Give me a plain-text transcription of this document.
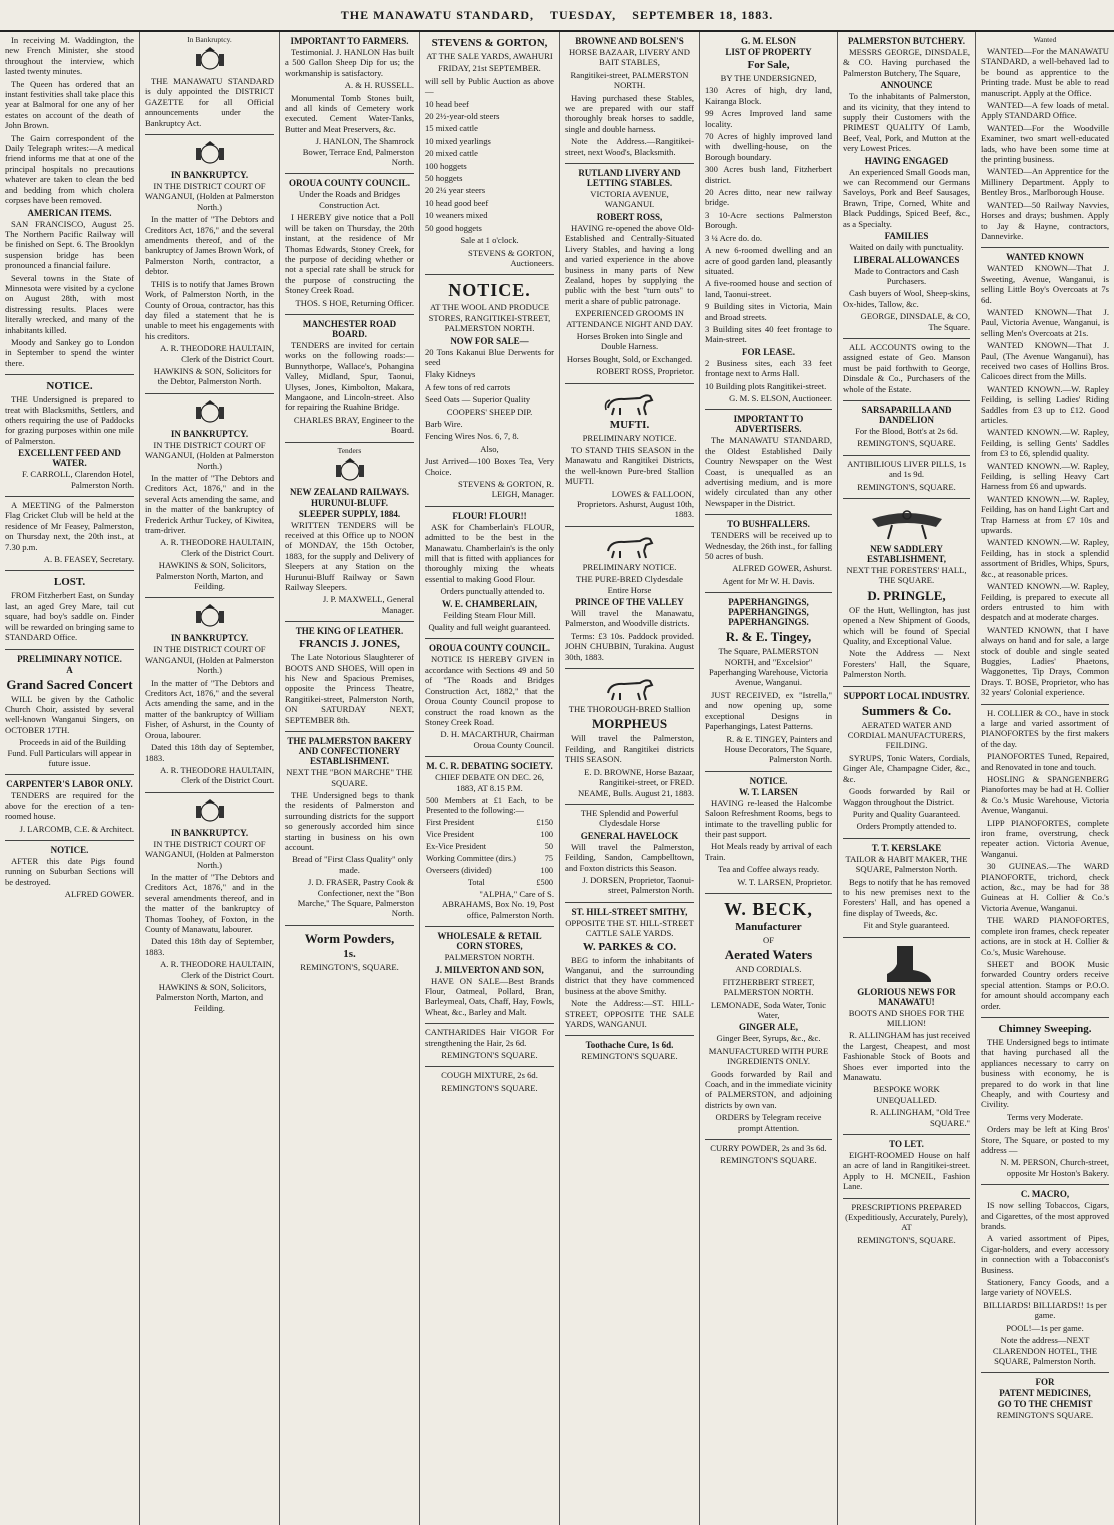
THE MANAWATU STANDARD, TUESDAY, SEPTEMBER 18, 1883.

In receiving M. Waddington, the new French Minister, she stood throughout the interview, which lasted twenty minutes.

The Queen has ordered that an instant festivities shall take place this year at Balmoral for one any of her estates on account of the death of John Brown.

The Gairn correspondent of the Daily Telegraph writes:—A medical friend informs me that at one of the principal hospitals no precautions whatever are taken to clean the bed and bedding from which cholera corpses have been removed.

AMERICAN ITEMS.

SAN FRANCISCO, August 25. The Northern Pacific Railway will be finished on Sept. 6. The Brooklyn suspension bridge has been pronounced a financial failure.

Several towns in the State of Minnesota were visited by a cyclone on August 28th, with most distressing results. Places were literally wrecked, and many of the inhabitants killed.

Moody and Sankey go to London in September to spend the winter there.

NOTICE.

THE Undersigned is prepared to treat with Blacksmiths, Settlers, and others requiring the use of Paddocks for grazing purposes within one mile of Palmerston.

EXCELLENT FEED AND WATER.

F. CARROLL, Clarendon Hotel, Palmerston North.

A MEETING of the Palmerston Flag Cricket Club will be held at the residence of Mr Feasey, Palmerston, on Thursday next, the 20th inst., at 7.30 p.m.

A. B. FEASEY, Secretary.

LOST.

FROM Fitzherbert East, on Sunday last, an aged Grey Mare, tail cut square, had boy's saddle on. Finder will be rewarded on bringing same to STANDARD Office.

PRELIMINARY NOTICE.
A
Grand Sacred Concert

WILL be given by the Catholic Church Choir, assisted by several well-known Wanganui Singers, on OCTOBER 17TH.

Proceeds in aid of the Building Fund. Full Particulars will appear in future issue.

CARPENTER'S LABOR ONLY.

TENDERS are required for the above for the erection of a ten-roomed house.

J. LARCOMB, C.E. & Architect.

NOTICE.

AFTER this date Pigs found running on Suburban Sections will be destroyed.

ALFRED GOWER.

In Bankruptcy.

THE MANAWATU STANDARD is duly appointed the DISTRICT GAZETTE for all Official announcements under the Bankruptcy Act.

IN BANKRUPTCY.

IN THE DISTRICT COURT OF WANGANUI, (Holden at Palmerston North.)

In the matter of "The Debtors and Creditors Act, 1876," and the several amendments thereof, and of the bankruptcy of James Brown Work, of Palmerston North, contractor, a debtor.

THIS is to notify that James Brown Work, of Palmerston North, in the County of Oroua, contractor, has this day filed a statement that he is unable to meet his engagements with his creditors.

A. R. THEODORE HAULTAIN, Clerk of the District Court.

HAWKINS & SON, Solicitors for the Debtor, Palmerston North.

IN BANKRUPTCY.

IN THE DISTRICT COURT OF WANGANUI, (Holden at Palmerston North.)

In the matter of "The Debtors and Creditors Act, 1876," and in the several Acts amending the same, and in the matter of the bankruptcy of Frederick Arthur Tuckey, of Kiwitea, tram-driver.

A. R. THEODORE HAULTAIN, Clerk of the District Court.

HAWKINS & SON, Solicitors, Palmerston North, Marton, and Feilding.

IN BANKRUPTCY.

IN THE DISTRICT COURT OF WANGANUI, (Holden at Palmerston North.)

In the matter of "The Debtors and Creditors Act, 1876," and the several Acts amending the same, and in the matter of the bankruptcy of William Fisher, of Ashurst, in the County of Oroua, labourer.

Dated this 18th day of September, 1883.

A. R. THEODORE HAULTAIN, Clerk of the District Court.

IN BANKRUPTCY.

IN THE DISTRICT COURT OF WANGANUI, (Holden at Palmerston North.)

In the matter of "The Debtors and Creditors Act, 1876," and in the several amendments thereof, and in the matter of the bankruptcy of Thomas Toohey, of Foxton, in the County of Manawatu, labourer.

Dated this 18th day of September, 1883.

A. R. THEODORE HAULTAIN, Clerk of the District Court.

HAWKINS & SON, Solicitors, Palmerston North, Marton, and Feilding.

IMPORTANT TO FARMERS.

Testimonial. J. HANLON Has built a 500 Gallon Sheep Dip for us; the workmanship is satisfactory.

A. & H. RUSSELL.

Monumental Tomb Stones built, and all kinds of Cemetery work executed. Cement Water-Tanks, Butter and Meat Preservers, &c.

J. HANLON, The Shamrock Bower, Terrace End, Palmerston North.

OROUA COUNTY COUNCIL.

Under the Roads and Bridges Construction Act.

I HEREBY give notice that a Poll will be taken on Thursday, the 20th instant, at the residence of Mr Thomas Edwards, Stoney Creek, for the purpose of deciding whether or not a special rate shall be struck for the purpose of constructing the Stoney Creek Road.

THOS. S HOE, Returning Officer.

MANCHESTER ROAD BOARD.

TENDERS are invited for certain works on the following roads:—Bunnythorpe, Wallace's, Pohangina Valley, Midland, Spur, Taonui, Ulyses, Jones, Kimbolton, Makara, Mangaone, and Lincoln-street. Also for repairing the Ruahine Bridge.

CHARLES BRAY, Engineer to the Board.

Tenders

NEW ZEALAND RAILWAYS.
HURUNUI-BLUFF.
SLEEPER SUPPLY, 1884.

WRITTEN TENDERS will be received at this Office up to NOON of MONDAY, the 15th October, 1883, for the supply and Delivery of Sleepers at any Station on the Hurunui-Bluff Railway or Sawn Railway Sleepers.

J. P. MAXWELL, General Manager.

THE KING OF LEATHER.
FRANCIS J. JONES,

The Late Notorious Slaughterer of BOOTS AND SHOES, Will open in his New and Spacious Premises, opposite the Princess Theatre, Rangitikei-street, Palmerston North, ON SATURDAY NEXT, SEPTEMBER 8th.

THE PALMERSTON BAKERY AND CONFECTIONERY ESTABLISHMENT.

NEXT THE "BON MARCHE" THE SQUARE.

THE Undersigned begs to thank the residents of Palmerston and surrounding districts for the support so generously accorded him since starting in business on his own account.

Bread of "First Class Quality" only made.

J. D. FRASER, Pastry Cook & Confectioner, next the "Bon Marche," The Square, Palmerston North.

Worm Powders,
1s.

REMINGTON'S, SQUARE.

STEVENS & GORTON,

AT THE SALE YARDS, AWAHURI

FRIDAY, 21st SEPTEMBER.

will sell by Public Auction as above—

10 head beef

20 2½-year-old steers

15 mixed cattle

10 mixed yearlings

20 mixed cattle

100 hoggets

50 hoggets

20 2¼ year steers

10 head good beef

10 weaners mixed

50 good hoggets

Sale at 1 o'clock.

STEVENS & GORTON, Auctioneers.

NOTICE.

AT THE WOOL AND PRODUCE STORES, RANGITIKEI-STREET, PALMERSTON NORTH.

NOW FOR SALE—

20 Tons Kakanui Blue Derwents for seed

Flaky Kidneys

A few tons of red carrots

Seed Oats — Superior Quality

COOPERS' SHEEP DIP.

Barb Wire.

Fencing Wires Nos. 6, 7, 8.

Also,

Just Arrived—100 Boxes Tea, Very Choice.

STEVENS & GORTON, R. LEIGH, Manager.

FLOUR! FLOUR!!

ASK for Chamberlain's FLOUR, admitted to be the best in the Manawatu. Chamberlain's is the only mill that is fitted with appliances for thoroughly mixing the wheats essential to making Good Flour.

Orders punctually attended to.

W. E. CHAMBERLAIN,

Feilding Steam Flour Mill.

Quality and full weight guaranteed.

OROUA COUNTY COUNCIL.

NOTICE IS HEREBY GIVEN in accordance with Sections 49 and 50 of "The Roads and Bridges Construction Act, 1882," that the Oroua County Council propose to construct the road known as the Stoney Creek Road.

D. H. MACARTHUR, Chairman Oroua County Council.

M. C. R. DEBATING SOCIETY.

CHIEF DEBATE ON DEC. 26, 1883, AT 8.15 P.M.

500 Members at £1 Each, to be Presented to the following:—	
First President	£150
Vice President	100
Ex-Vice President	50
Working Committee (dirs.)	75
Overseers (divided)	100
Total	£500

"ALPHA," Care of S. ABRAHAMS, Box No. 19, Post office, Palmerston North.

WHOLESALE & RETAIL CORN STORES,

PALMERSTON NORTH.

J. MILVERTON AND SON,

HAVE ON SALE—Best Brands Flour, Oatmeal, Pollard, Bran, Barleymeal, Oats, Chaff, Hay, Fowls, Wheat, &c., Barley and Malt.

CANTHARIDES Hair VIGOR For strengthening the Hair, 2s 6d.

REMINGTON'S SQUARE.

COUGH MIXTURE, 2s 6d.

REMINGTON'S SQUARE.

BROWNE AND BOLSEN'S

HORSE BAZAAR, LIVERY AND BAIT STABLES,

Rangitikei-street, PALMERSTON NORTH.

Having purchased these Stables, we are prepared with our staff thoroughly break horses to saddle, single and double harness.

Note the Address.—Rangitikei-street, next Wood's, Blacksmith.

RUTLAND LIVERY AND LETTING STABLES.

VICTORIA AVENUE, WANGANUI.

ROBERT ROSS,

HAVING re-opened the above Old-Established and Centrally-Situated Livery Stables, and having a long and varied experience in the above business in many parts of New Zealand, hopes by supplying the public with the best "turn outs" to merit a share of public patronage.

EXPERIENCED GROOMS IN ATTENDANCE NIGHT AND DAY.

Horses Broken into Single and Double Harness.

Horses Bought, Sold, or Exchanged.

ROBERT ROSS, Proprietor.

MUFTI.

PRELIMINARY NOTICE.

TO STAND THIS SEASON in the Manawatu and Rangitikei Districts, the well-known Pure-bred Stallion MUFTI.

LOWES & FALLOON, Proprietors. Ashurst, August 10th, 1883.

PRELIMINARY NOTICE.

THE PURE-BRED Clydesdale Entire Horse

PRINCE OF THE VALLEY

Will travel the Manawatu, Palmerston, and Woodville districts.

Terms: £3 10s. Paddock provided. JOHN CHUBBIN, Turakina. August 30th, 1883.

THE THOROUGH-BRED Stallion

MORPHEUS

Will travel the Palmerston, Feilding, and Rangitikei districts THIS SEASON.

E. D. BROWNE, Horse Bazaar, Rangitikei-street, or FRED. NEAME, Bulls. August 21, 1883.

THE Splendid and Powerful Clydesdale Horse

GENERAL HAVELOCK

Will travel the Palmerston, Feilding, Sandon, Campbelltown, and Foxton districts this Season.

J. DORSEN, Proprietor, Taonui-street, Palmerston North.

ST. HILL-STREET SMITHY,

OPPOSITE THE ST. HILL-STREET CATTLE SALE YARDS.

W. PARKES & CO.

BEG to inform the inhabitants of Wanganui, and the surrounding district that they have commenced business at the above Smithy.

Note the Address:—ST. HILL-STREET, OPPOSITE THE SALE YARDS, WANGANUI.

Toothache Cure, 1s 6d.

REMINGTON'S SQUARE.

G. M. ELSON
LIST OF PROPERTY
For Sale,

BY THE UNDERSIGNED,

130 Acres of high, dry land, Kairanga Block.

99 Acres Improved land same locality.

70 Acres of highly improved land with dwelling-house, on the Borough boundary.

300 Acres bush land, Fitzherbert district.

20 Acres ditto, near new railway bridge.

3 10-Acre sections Palmerston Borough.

3 ¼ Acre do. do.

A new 6-roomed dwelling and an acre of good garden land, pleasantly situated.

A five-roomed house and section of land, Taonui-street.

9 Building sites in Victoria, Main and Broad streets.

3 Building sites 40 feet frontage to Main-street.

FOR LEASE.

2 Business sites, each 33 feet frontage next to Arms Hall.

10 Building plots Rangitikei-street.

G. M. S. ELSON, Auctioneer.

IMPORTANT TO ADVERTISERS.

The MANAWATU STANDARD, the Oldest Established Daily Country Newspaper on the West Coast, is unequalled as an advertising medium, and is more widely circulated than any other Newspaper in the District.

TO BUSHFALLERS.

TENDERS will be received up to Wednesday, the 26th inst., for falling 50 acres of bush.

ALFRED GOWER, Ashurst.

Agent for Mr W. H. Davis.

PAPERHANGINGS, PAPERHANGINGS, PAPERHANGINGS.
R. & E. Tingey,

The Square, PALMERSTON NORTH, and "Excelsior" Paperhanging Warehouse, Victoria Avenue, Wanganui.

JUST RECEIVED, ex "Istrella," and now opening up, some exceptional Designs in Paperhangings, Latest Patterns.

R. & E. TINGEY, Painters and House Decorators, The Square, Palmerston North.

NOTICE.
W. T. LARSEN

HAVING re-leased the Halcombe Saloon Refreshment Rooms, begs to intimate to the travelling public for their past support.

Hot Meals ready by arrival of each Train.

Tea and Coffee always ready.

W. T. LARSEN, Proprietor.

W. BECK,
Manufacturer

OF

Aerated Waters

AND CORDIALS.

FITZHERBERT STREET, PALMERSTON NORTH.

LEMONADE, Soda Water, Tonic Water,

GINGER ALE,

Ginger Beer, Syrups, &c., &c.

MANUFACTURED WITH PURE INGREDIENTS ONLY.

Goods forwarded by Rail and Coach, and in the immediate vicinity of PALMERSTON, and adjoining districts by own van.

ORDERS by Telegram receive prompt Attention.

CURRY POWDER, 2s and 3s 6d.

REMINGTON'S SQUARE.

PALMERSTON BUTCHERY.

MESSRS GEORGE, DINSDALE, & CO. Having purchased the Palmerston Butchery, The Square,

ANNOUNCE

To the inhabitants of Palmerston, and its vicinity, that they intend to supply their Customers with the PRIMEST QUALITY Of Lamb, Beef, Veal, Pork, and Mutton at the very Lowest Prices.

HAVING ENGAGED

An experienced Small Goods man, we can Recommend our Germans Saveloys, Pork and Beef Sausages, Brawn, Tripe, Corned, White and Black Puddings, Spiced Beef, &c., as a Specialty.

FAMILIES

Waited on daily with punctuality.

LIBERAL ALLOWANCES

Made to Contractors and Cash Purchasers.

Cash buyers of Wool, Sheep-skins, Ox-hides, Tallow, &c.

GEORGE, DINSDALE, & CO, The Square.

ALL ACCOUNTS owing to the assigned estate of Geo. Manson must be paid forthwith to George, Dinsdale & Co., Purchasers of the whole of the Estate.

SARSAPARILLA AND DANDELION

For the Blood, Bott's at 2s 6d.

REMINGTON'S, SQUARE.

ANTIBILIOUS LIVER PILLS, 1s and 1s 9d.

REMINGTON'S, SQUARE.

NEW SADDLERY ESTABLISHMENT,

NEXT THE FORESTERS' HALL, THE SQUARE.

D. PRINGLE,

OF the Hutt, Wellington, has just opened a New Shipment of Goods, which will be found of Special Quality, and Exceptional Value.

Note the Address — Next Foresters' Hall, the Square, Palmerston North.

SUPPORT LOCAL INDUSTRY.
Summers & Co.

AERATED WATER AND CORDIAL MANUFACTURERS, FEILDING.

SYRUPS, Tonic Waters, Cordials, Ginger Ale, Champagne Cider, &c., &c.

Goods forwarded by Rail or Waggon throughout the District.

Purity and Quality Guaranteed.

Orders Promptly attended to.

T. T. KERSLAKE

TAILOR & HABIT MAKER, THE SQUARE, Palmerston North.

Begs to notify that he has removed to his new premises next to the Foresters' Hall, and has opened a fine display of Tweeds, &c.

Fit and Style guaranteed.

GLORIOUS NEWS FOR MANAWATU!

BOOTS AND SHOES FOR THE MILLION!

R. ALLINGHAM has just received the Largest, Cheapest, and most Fashionable Stock of Boots and Shoes ever imported into the Manawatu.

BESPOKE WORK UNEQUALLED.

R. ALLINGHAM, "Old Tree SQUARE."

TO LET.

EIGHT-ROOMED House on half an acre of land in Rangitikei-street. Apply to H. MCNEIL, Fashion Lane.

PRESCRIPTIONS PREPARED (Expeditiously, Accurately, Purely), AT

REMINGTON'S, SQUARE.

Wanted

WANTED—For the MANAWATU STANDARD, a well-behaved lad to be bound as apprentice to the Printing trade. Must be able to read manuscript. Apply at the Office.

WANTED—A few loads of metal. Apply STANDARD Office.

WANTED—For the Woodville Examiner, two smart well-educated lads, who have been some time at the printing business.

WANTED—An Apprentice for the Millinery Department. Apply to Bentley Bros., Marlborough House.

WANTED—50 Railway Navvies, Horses and drays; bushmen. Apply to Jay & Hayne, contractors, Dannevirke.

WANTED KNOWN

WANTED KNOWN—That J. Sweeting, Avenue, Wanganui, is selling Little Boy's Overcoats at 7s 6d.

WANTED KNOWN—That J. Paul, Victoria Avenue, Wanganui, is selling Men's Overcoats at 21s.

WANTED KNOWN—That J. Paul, (The Avenue Wanganui), has received two cases of Hollins Bros. Calicoes direct from the Mills.

WANTED KNOWN.—W. Rapley Feilding, is selling Ladies' Riding Saddles from £3 up to £12. Good articles.

WANTED KNOWN.—W. Rapley, Feilding, is selling Gents' Saddles from £3 to £6, splendid quality.

WANTED KNOWN.—W. Rapley, Feilding, is selling Heavy Cart Harness from £6 and upwards.

WANTED KNOWN.—W. Rapley, Feilding, has on hand Light Cart and Trap Harness at from £7 10s and upwards.

WANTED KNOWN.—W. Rapley, Feilding, has in stock a splendid assortment of Bridles, Whips, Spurs, &c., at reasonable prices.

WANTED KNOWN.—W. Rapley, Feilding, is prepared to execute all orders entrusted to him with despatch and at moderate charges.

WANTED KNOWN, that I have always on hand and for sale, a large stock of double and single seated Buggies, Ladies' Phaetons, Waggonettes, Tip Drays, Common Drays. T. BOSE, Proprietor, who has 32 years' Colonial experience.

H. COLLIER & CO., have in stock a large and varied assortment of PIANOFORTES by the first makers of the day.

PIANOFORTES Tuned, Repaired, and Renovated in tone and touch.

HOSLING & SPANGENBERG Pianofortes may be had at H. Collier & Co.'s Music Warehouse, Victoria Avenue, Wanganui.

LIPP PIANOFORTES, complete iron frame, overstrung, check repeater action. Victoria Avenue, Wanganui.

30 GUINEAS.—The WARD PIANOFORTE, trichord, check action, &c., may be had for 38 Guineas at H. Collier & Co.'s Victoria Avenue, Wanganui.

THE WARD PIANOFORTES, complete iron frames, check repeater actions, are in stock at H. Collier & Co.'s, Music Warehouse.

SHEET and BOOK Music forwarded Country orders receive special attention. Stamps or P.O.O. for amount should accompany each order.

Chimney Sweeping.

THE Undersigned begs to intimate that having purchased all the appliances necessary to carry on business with economy, he is prepared to do work in that line Cheaply, and with Courtesy and Civility.

Terms very Moderate.

Orders may be left at King Bros' Store, The Square, or posted to my address —

N. M. PERSON, Church-street, opposite Mr Hoston's Bakery.

C. MACRO,

IS now selling Tobaccos, Cigars, and Cigarettes, of the most approved brands.

A varied assortment of Pipes, Cigar-holders, and every accessory in connection with a Tobacconist's Business.

Stationery, Fancy Goods, and a large variety of NOVELS.

BILLIARDS! BILLIARDS!! 1s per game.

POOL!—1s per game.

Note the address—NEXT CLARENDON HOTEL, THE SQUARE, Palmerston North.

FOR
PATENT MEDICINES,
GO TO THE CHEMIST

REMINGTON'S SQUARE.
